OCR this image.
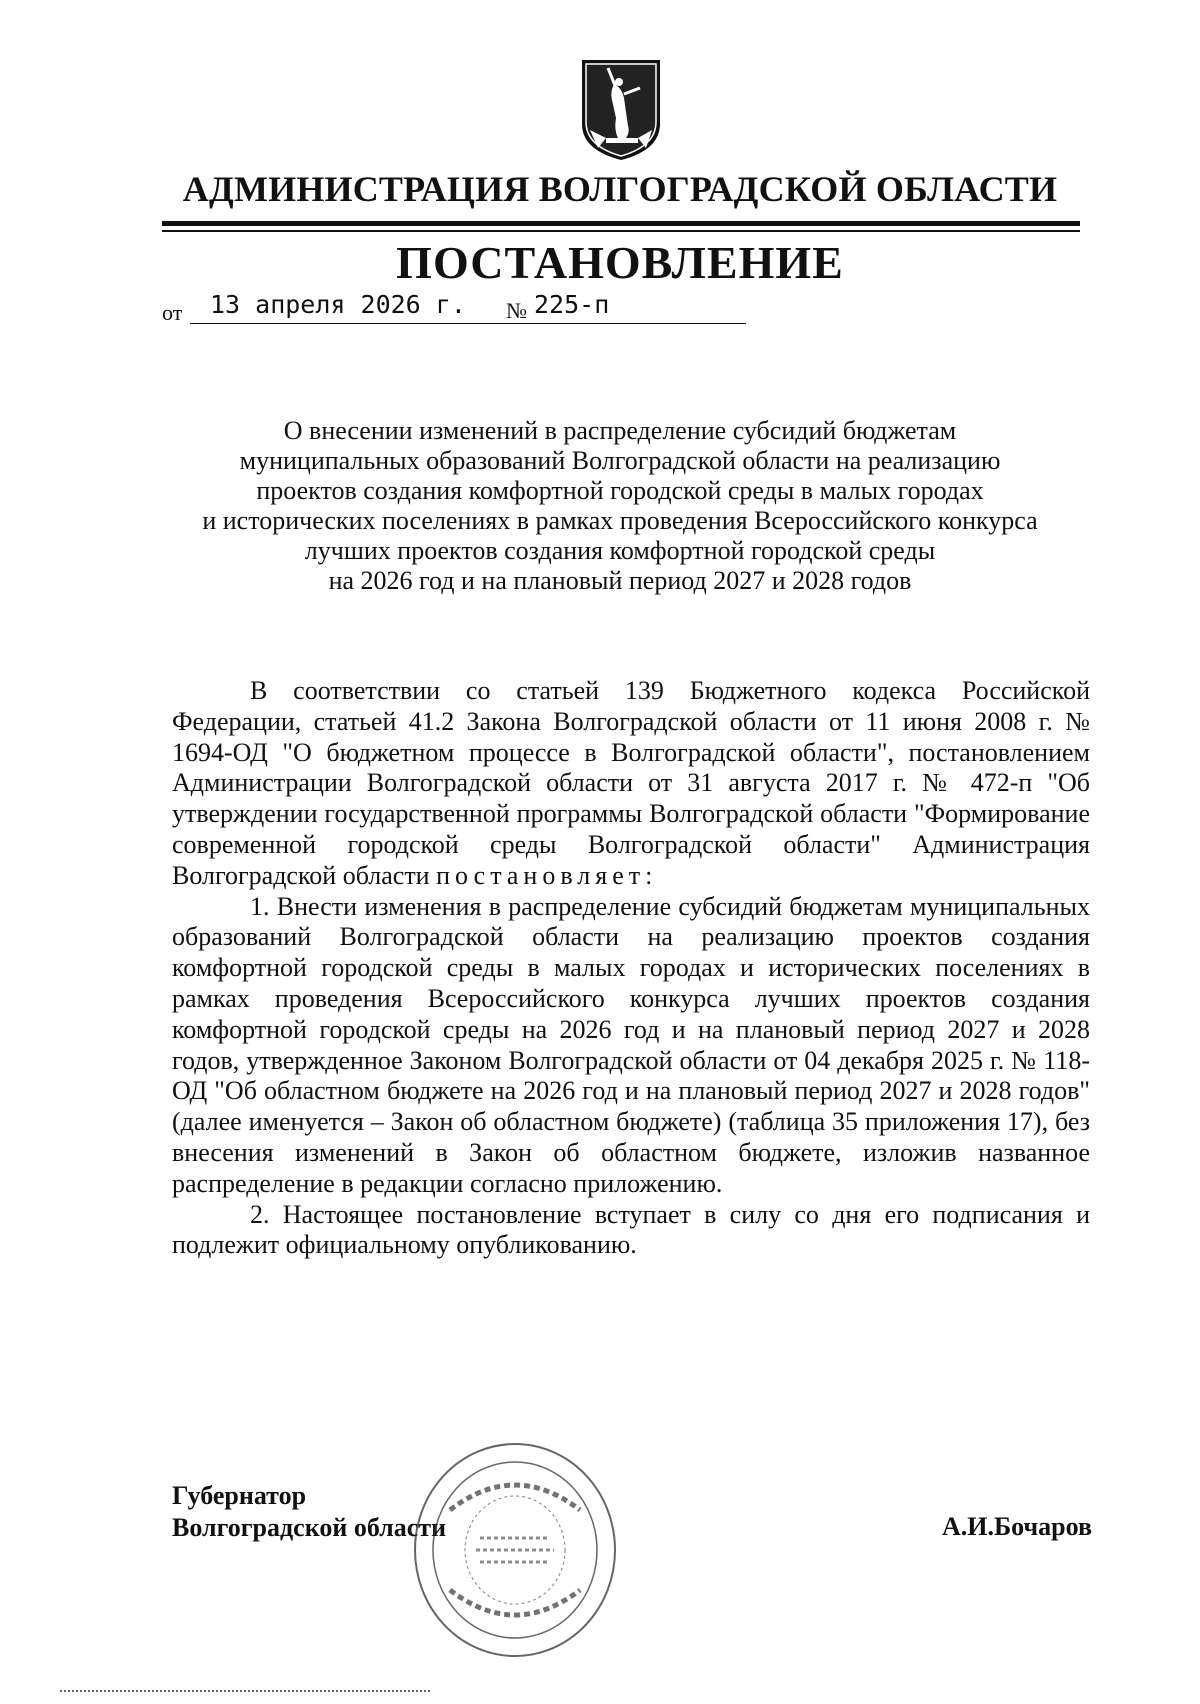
АДМИНИСТРАЦИЯ ВОЛГОГРАДСКОЙ ОБЛАСТИ
ПОСТАНОВЛЕНИЕ
от	13 апреля 2026 г.	№ 225-п
О внесении изменений в распределение субсидий бюджетам
муниципальных образований Волгоградской области на реализацию
проектов создания комфортной городской среды в малых городах
и исторических поселениях в рамках проведения Всероссийского конкурса
лучших проектов создания комфортной городской среды
на 2026 год и на плановый период 2027 и 2028 годов

В соответствии со статьей 139 Бюджетного кодекса Российской Федерации, статьей 41.2 Закона Волгоградской области от 11 июня 2008 г. № 1694-ОД "О бюджетном процессе в Волгоградской области", постановлением Администрации Волгоградской области от 31 августа 2017 г. № 472-п "Об утверждении государственной программы Волгоградской области "Формирование современной городской среды Волгоградской области" Администрация Волгоградской области постановляет:

1. Внести изменения в распределение субсидий бюджетам муниципальных образований Волгоградской области на реализацию проектов создания комфортной городской среды в малых городах и исторических поселениях в рамках проведения Всероссийского конкурса лучших проектов создания комфортной городской среды на 2026 год и на плановый период 2027 и 2028 годов, утвержденное Законом Волгоградской области от 04 декабря 2025 г. № 118-ОД "Об областном бюджете на 2026 год и на плановый период 2027 и 2028 годов" (далее именуется – Закон об областном бюджете) (таблица 35 приложения 17), без внесения изменений в Закон об областном бюджете, изложив названное распределение в редакции согласно приложению.

2. Настоящее постановление вступает в силу со дня его подписания и подлежит официальному опубликованию.

Губернатор
Волгоградской области	А.И.Бочаров
